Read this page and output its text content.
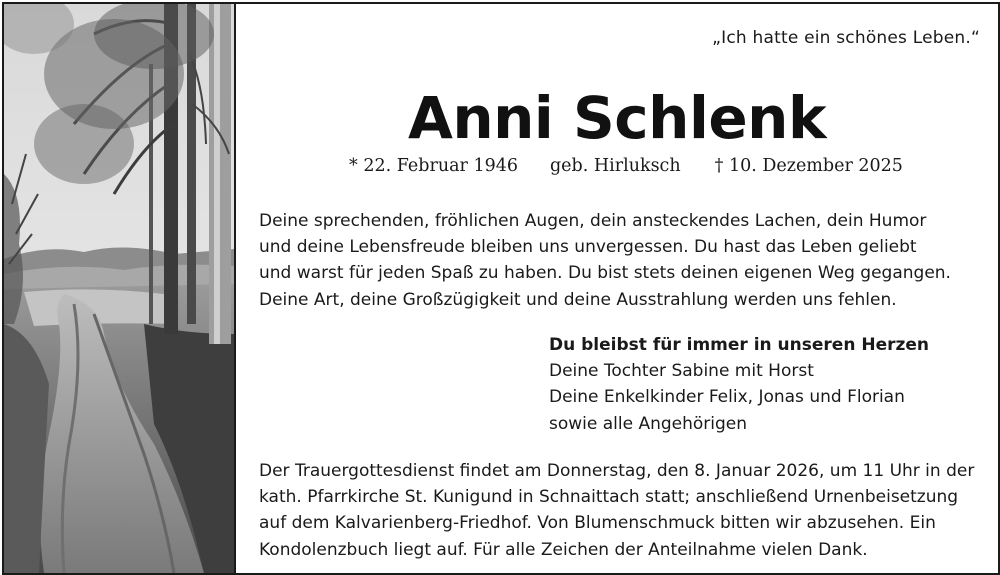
„Ich hatte ein schönes Leben.“
Anni Schlenk
* 22. Februar 1946 geb. Hirluksch † 10. Dezember 2025
Deine sprechenden, fröhlichen Augen, dein ansteckendes Lachen, dein Humor
und deine Lebensfreude bleiben uns unvergessen. Du hast das Leben geliebt
und warst für jeden Spaß zu haben. Du bist stets deinen eigenen Weg gegangen.
Deine Art, deine Großzügigkeit und deine Ausstrahlung werden uns fehlen.
Du bleibst für immer in unseren Herzen
Deine Tochter Sabine mit Horst
Deine Enkelkinder Felix, Jonas und Florian
sowie alle Angehörigen
Der Trauergottesdienst findet am Donnerstag, den 8. Januar 2026, um 11 Uhr in der
kath. Pfarrkirche St. Kunigund in Schnaittach statt; anschließend Urnenbeisetzung
auf dem Kalvarienberg-Friedhof. Von Blumenschmuck bitten wir abzusehen. Ein
Kondolenzbuch liegt auf. Für alle Zeichen der Anteilnahme vielen Dank.
